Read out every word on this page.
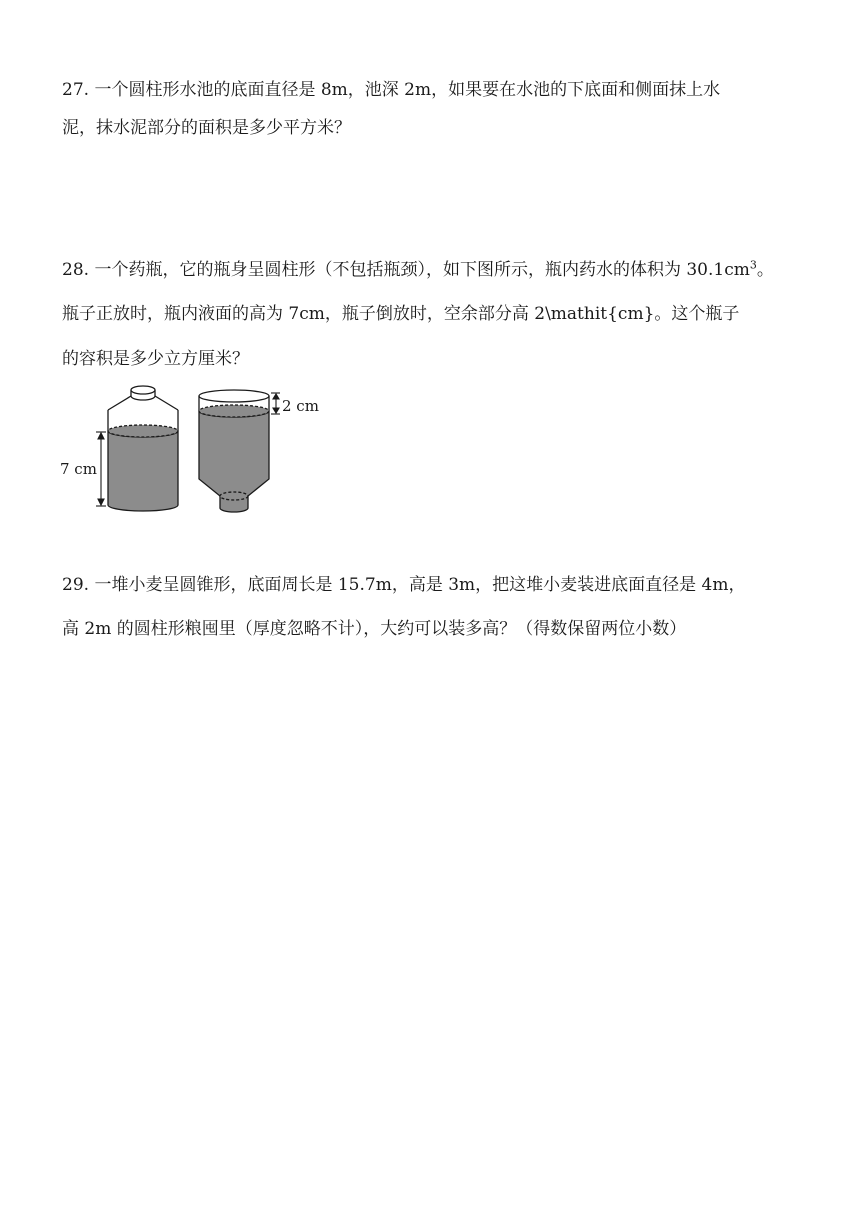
27. 一个圆柱形水池的底面直径是 8m，池深 2m，如果要在水池的下底面和侧面抹上水
泥，抹水泥部分的面积是多少平方米？
28. 一个药瓶，它的瓶身呈圆柱形（不包括瓶颈），如下图所示，瓶内药水的体积为 $30.1cm^3$。
瓶子正放时，瓶内液面的高为 7cm，瓶子倒放时，空余部分高 2\mathit{cm}。这个瓶子
的容积是多少立方厘米？
7 cm
2 cm
29. 一堆小麦呈圆锥形，底面周长是 15.7m，高是 3m，把这堆小麦装进底面直径是 4m，
高 2m 的圆柱形粮囤里（厚度忽略不计），大约可以装多高？（得数保留两位小数）
